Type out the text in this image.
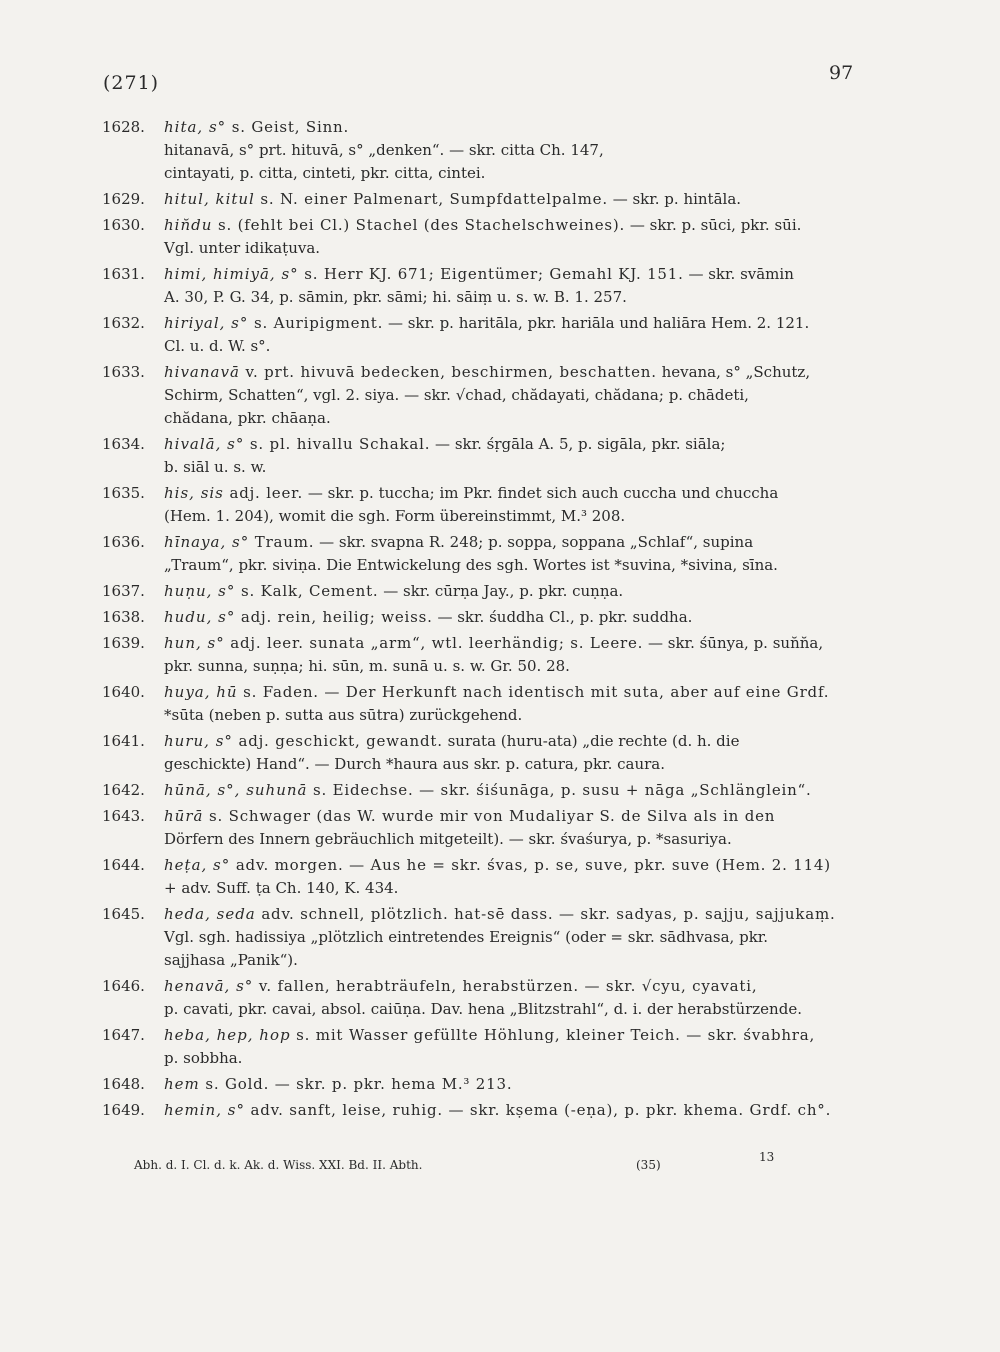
(271)	97
1628.	hita, s° s. Geist, Sinn.
hitanavā, s° prt. hituvā, s° „denken“. — skr. citta Ch. 147,
cintayati, p. citta, cinteti, pkr. citta, cintei.
1629.	hitul, kitul s. N. einer Palmenart, Sumpfdattelpalme. — skr. p. hintāla.
1630.	hin̆du s. (fehlt bei Cl.) Stachel (des Stachelschweines). — skr. p. sūci, pkr. sūi.
Vgl. unter idikaṭuva.
1631.	himi, himiyā, s° s. Herr KJ. 671; Eigentümer; Gemahl KJ. 151. — skr. svāmin
A. 30, P. G. 34, p. sāmin, pkr. sāmi; hi. sāiṃ u. s. w. B. 1. 257.
1632.	hiriyal, s° s. Auripigment. — skr. p. haritāla, pkr. hariāla und haliāra Hem. 2. 121.
Cl. u. d. W. s°.
1633.	hivanavā v. prt. hivuvā bedecken, beschirmen, beschatten. hevana, s° „Schutz,
Schirm, Schatten“, vgl. 2. siya. — skr. √chad, chădayati, chădana; p. chādeti,
chădana, pkr. chāaṇa.
1634.	hivalā, s° s. pl. hivallu Schakal. — skr. śṛgāla A. 5, p. sigāla, pkr. siāla;
b. siāl u. s. w.
1635.	his, sis adj. leer. — skr. p. tuccha; im Pkr. findet sich auch cuccha und chuccha
(Hem. 1. 204), womit die sgh. Form übereinstimmt, M.³ 208.
1636.	hīnaya, s° Traum. — skr. svapna R. 248; p. soppa, soppana „Schlaf“, supina
„Traum“, pkr. siviṇa. Die Entwickelung des sgh. Wortes ist *suvina, *sivina, sīna.
1637.	huṇu, s° s. Kalk, Cement. — skr. cūrṇa Jay., p. pkr. cuṇṇa.
1638.	hudu, s° adj. rein, heilig; weiss. — skr. śuddha Cl., p. pkr. suddha.
1639.	hun, s° adj. leer. sunata „arm“, wtl. leerhändig; s. Leere. — skr. śūnya, p. sun̆n̆a,
pkr. sunna, suṇṇa; hi. sūn, m. sunā u. s. w. Gr. 50. 28.
1640.	huya, hū s. Faden. — Der Herkunft nach identisch mit suta, aber auf eine Grdf.
*sūta (neben p. sutta aus sūtra) zurückgehend.
1641.	huru, s° adj. geschickt, gewandt. surata (huru-ata) „die rechte (d. h. die
geschickte) Hand“. — Durch *haura aus skr. p. catura, pkr. caura.
1642.	hūnā, s°, suhunā s. Eidechse. — skr. śiśunāga, p. susu + nāga „Schlänglein“.
1643.	hūrā s. Schwager (das W. wurde mir von Mudaliyar S. de Silva als in den
Dörfern des Innern gebräuchlich mitgeteilt). — skr. śvaśurya, p. *sasuriya.
1644.	heṭa, s° adv. morgen. — Aus he = skr. śvas, p. se, suve, pkr. suve (Hem. 2. 114)
+ adv. Suff. ṭa Ch. 140, K. 434.
1645.	heda, seda adv. schnell, plötzlich. hat-sē dass. — skr. sadyas, p. sajju, sajjukaṃ.
Vgl. sgh. hadissiya „plötzlich eintretendes Ereignis“ (oder = skr. sādhvasa, pkr.
sajjhasa „Panik“).
1646.	henavā, s° v. fallen, herabträufeln, herabstürzen. — skr. √cyu, cyavati,
p. cavati, pkr. cavai, absol. caiūṇa. Dav. hena „Blitzstrahl“, d. i. der herabstürzende.
1647.	heba, hep, hop s. mit Wasser gefüllte Höhlung, kleiner Teich. — skr. śvabhra,
p. sobbha.
1648.	hem s. Gold. — skr. p. pkr. hema M.³ 213.
1649.	hemin, s° adv. sanft, leise, ruhig. — skr. kṣema (-eṇa), p. pkr. khema. Grdf. ch°.
Abh. d. I. Cl. d. k. Ak. d. Wiss. XXI. Bd. II. Abth.	(35)
13
